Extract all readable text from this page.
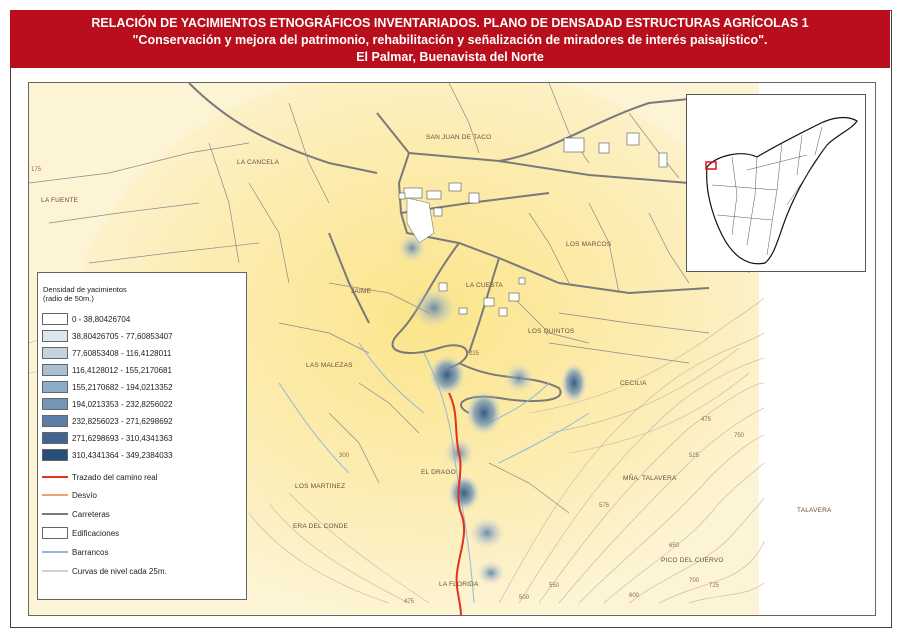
RELACIÓN DE YACIMIENTOS ETNOGRÁFICOS INVENTARIADOS. PLANO DE DENSADAD ESTRUCTURAS AGRÍCOLAS 1
"Conservación y mejora del patrimonio, rehabilitación y señalización de miradores de interés paisajístico".
El Palmar, Buenavista del Norte
LA CANCELA
LA FUENTE
SAN JUAN DE TACO
LOS MARCOS
JAIME
LA CUESTA
LOS QUINTOS
LAS MALEZAS
CECILIA
EL DRAGO
LOS MARTINEZ
ERA DEL CONDE
MÑA. TALAVERA
TALAVERA
PICO DEL CUERVO
LA FLORIDA
175
225
300
475
500
550
575
600
650
525
475
750
725
700
Densidad de yacimientos
(radio de 50m.)
0 - 38,80426704
38,80426705 - 77,60853407
77,60853408 - 116,4128011
116,4128012 - 155,2170681
155,2170682 - 194,0213352
194,0213353 - 232,8256022
232,8256023 - 271,6298692
271,6298693 - 310,4341363
310,4341364 - 349,2384033
Trazado del camino real
Desvío
Carreteras
Edificaciones
Barrancos
Curvas de nivel cada 25m.
